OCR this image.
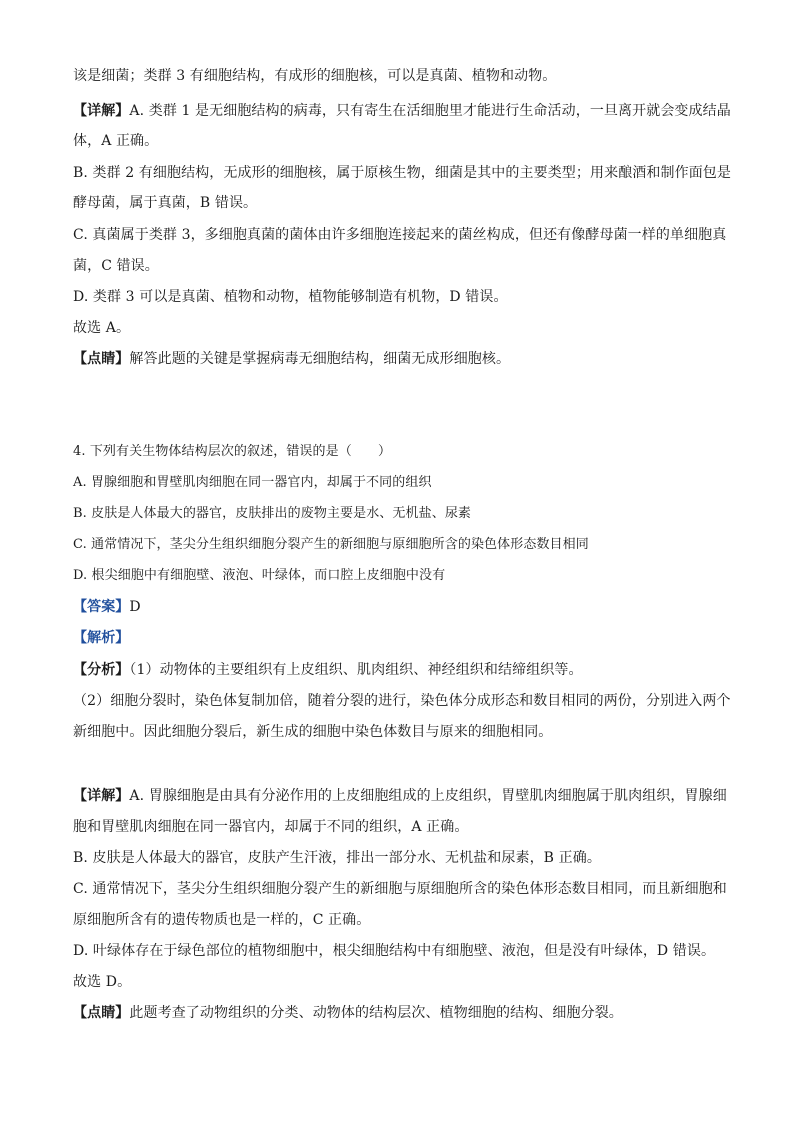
该是细菌；类群 3 有细胞结构，有成形的细胞核，可以是真菌、植物和动物。
【详解】A. 类群 1 是无细胞结构的病毒，只有寄生在活细胞里才能进行生命活动，一旦离开就会变成结晶
体，A 正确。
B. 类群 2 有细胞结构，无成形的细胞核，属于原核生物，细菌是其中的主要类型；用来酿酒和制作面包是
酵母菌，属于真菌，B 错误。
C. 真菌属于类群 3，多细胞真菌的菌体由许多细胞连接起来的菌丝构成，但还有像酵母菌一样的单细胞真
菌，C 错误。
D. 类群 3 可以是真菌、植物和动物，植物能够制造有机物，D 错误。
故选 A。
【点睛】解答此题的关键是掌握病毒无细胞结构，细菌无成形细胞核。
4. 下列有关生物体结构层次的叙述，错误的是（　　）
A. 胃腺细胞和胃壁肌肉细胞在同一器官内，却属于不同的组织
B. 皮肤是人体最大的器官，皮肤排出的废物主要是水、无机盐、尿素
C. 通常情况下，茎尖分生组织细胞分裂产生的新细胞与原细胞所含的染色体形态数目相同
D. 根尖细胞中有细胞壁、液泡、叶绿体，而口腔上皮细胞中没有
【答案】D
【解析】
【分析】（1）动物体的主要组织有上皮组织、肌肉组织、神经组织和结缔组织等。
（2）细胞分裂时，染色体复制加倍，随着分裂的进行，染色体分成形态和数目相同的两份，分别进入两个
新细胞中。因此细胞分裂后，新生成的细胞中染色体数目与原来的细胞相同。
【详解】A. 胃腺细胞是由具有分泌作用的上皮细胞组成的上皮组织，胃壁肌肉细胞属于肌肉组织，胃腺细
胞和胃壁肌肉细胞在同一器官内，却属于不同的组织，A 正确。
B. 皮肤是人体最大的器官，皮肤产生汗液，排出一部分水、无机盐和尿素，B 正确。
C. 通常情况下，茎尖分生组织细胞分裂产生的新细胞与原细胞所含的染色体形态数目相同，而且新细胞和
原细胞所含有的遗传物质也是一样的，C 正确。
D. 叶绿体存在于绿色部位的植物细胞中，根尖细胞结构中有细胞壁、液泡，但是没有叶绿体，D 错误。
故选 D。
【点睛】此题考查了动物组织的分类、动物体的结构层次、植物细胞的结构、细胞分裂。
